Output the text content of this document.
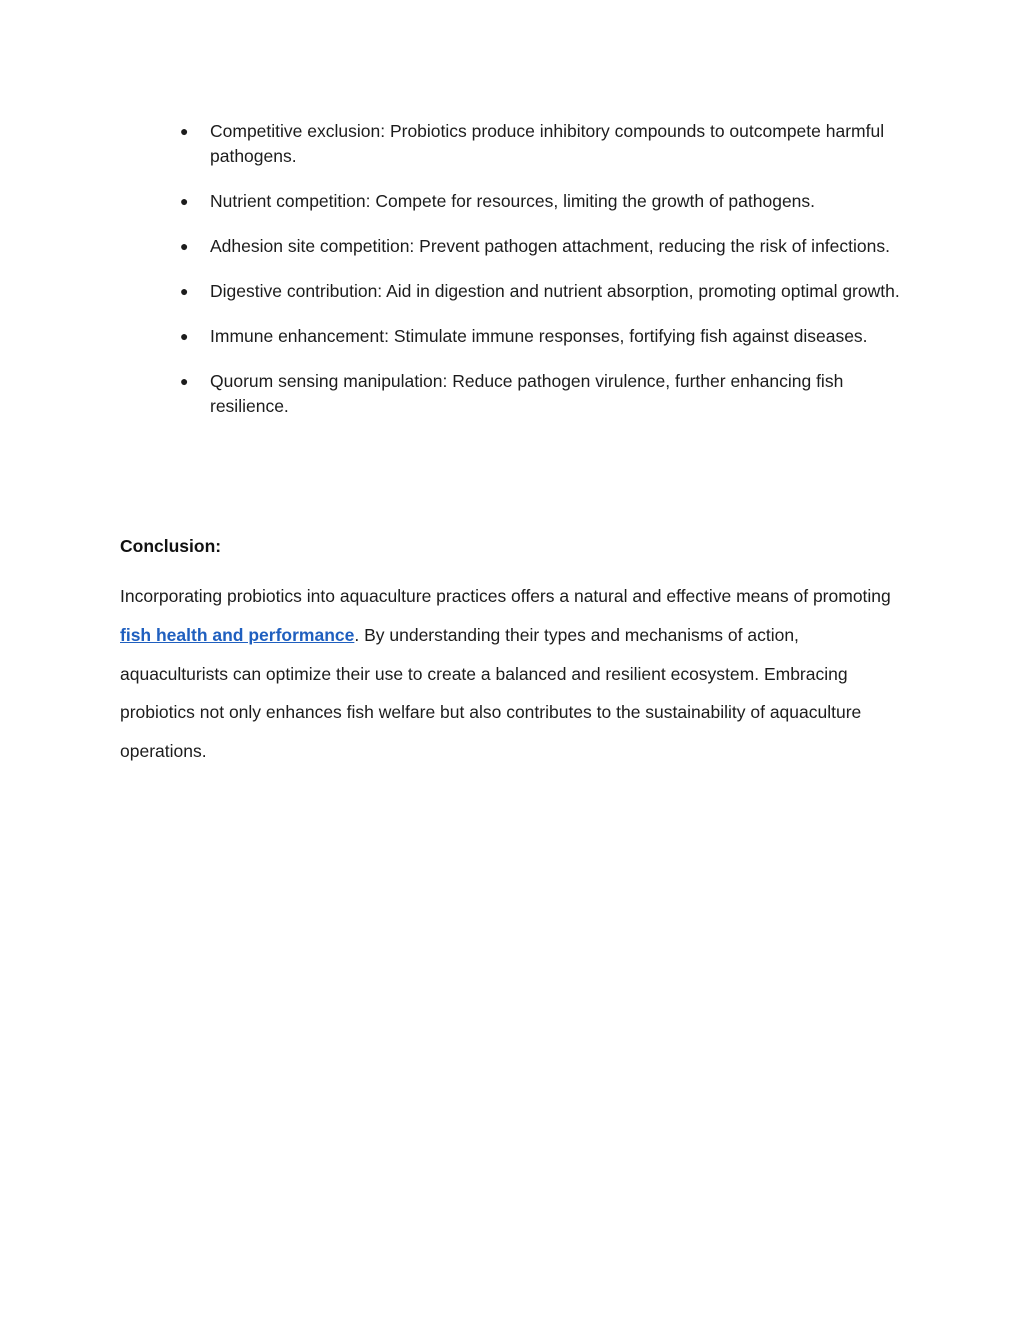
● Competitive exclusion: Probiotics produce inhibitory compounds to outcompete harmful pathogens.
● Nutrient competition: Compete for resources, limiting the growth of pathogens.
● Adhesion site competition: Prevent pathogen attachment, reducing the risk of infections.
● Digestive contribution: Aid in digestion and nutrient absorption, promoting optimal growth.
● Immune enhancement: Stimulate immune responses, fortifying fish against diseases.
● Quorum sensing manipulation: Reduce pathogen virulence, further enhancing fish resilience.
Conclusion:

Incorporating probiotics into aquaculture practices offers a natural and effective means of promoting fish health and performance. By understanding their types and mechanisms of action, aquaculturists can optimize their use to create a balanced and resilient ecosystem. Embracing probiotics not only enhances fish welfare but also contributes to the sustainability of aquaculture operations.
